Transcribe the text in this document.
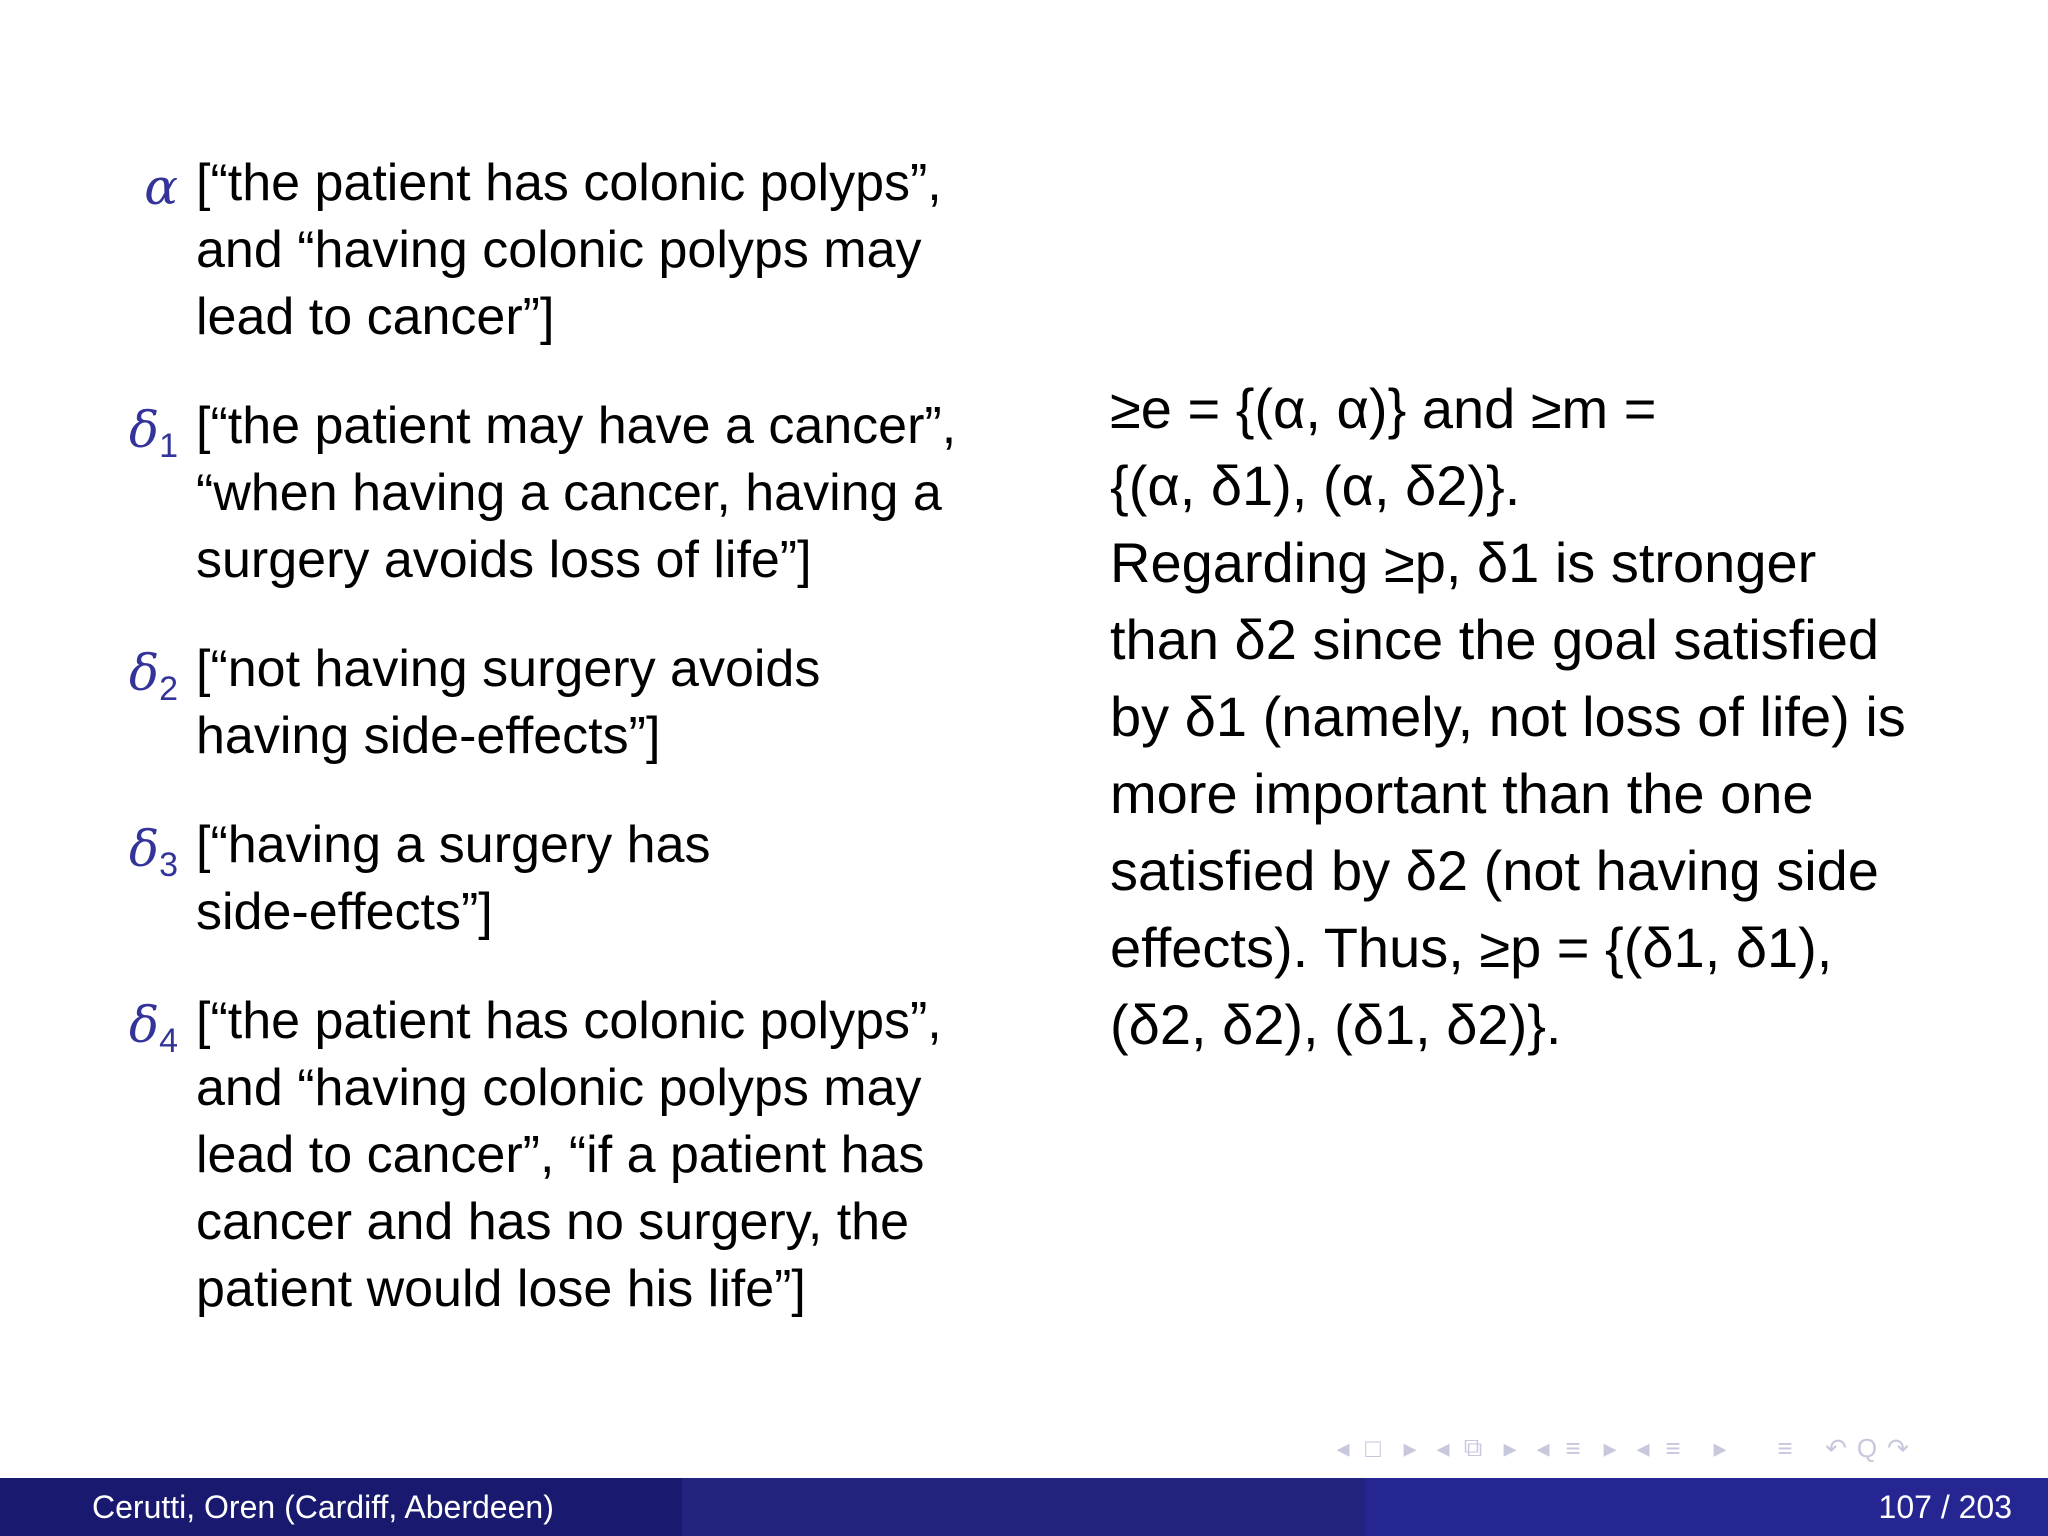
α [“the patient has colonic polyps”,
and “having colonic polyps may
lead to cancer”]
$\delta_1$ [“the patient may have a cancer”,
“when having a cancer, having a
surgery avoids loss of life”]
$\delta_2$ [“not having surgery avoids
having side-effects”]
$\delta_3$ [“having a surgery has
side-effects”]
$\delta_4$ [“the patient has colonic polyps”,
and “having colonic polyps may
lead to cancer”, “if a patient has
cancer and has no surgery, the
patient would lose his life”]
≥e = {(α, α)} and ≥m =
{(α, δ1), (α, δ2)}.
Regarding ≥p, δ1 is stronger
than δ2 since the goal satisfied
by δ1 (namely, not loss of life) is
more important than the one
satisfied by δ2 (not having side
effects). Thus, ≥p = {(δ1, δ1),
(δ2, δ2), (δ1, δ2)}.
◂ □ ▸ ◂ ⧉ ▸ ◂ ≡ ▸ ◂ ≡	▸	≡	↶ Q ↷
Cerutti, Oren (Cardiff, Aberdeen)	107 / 203
